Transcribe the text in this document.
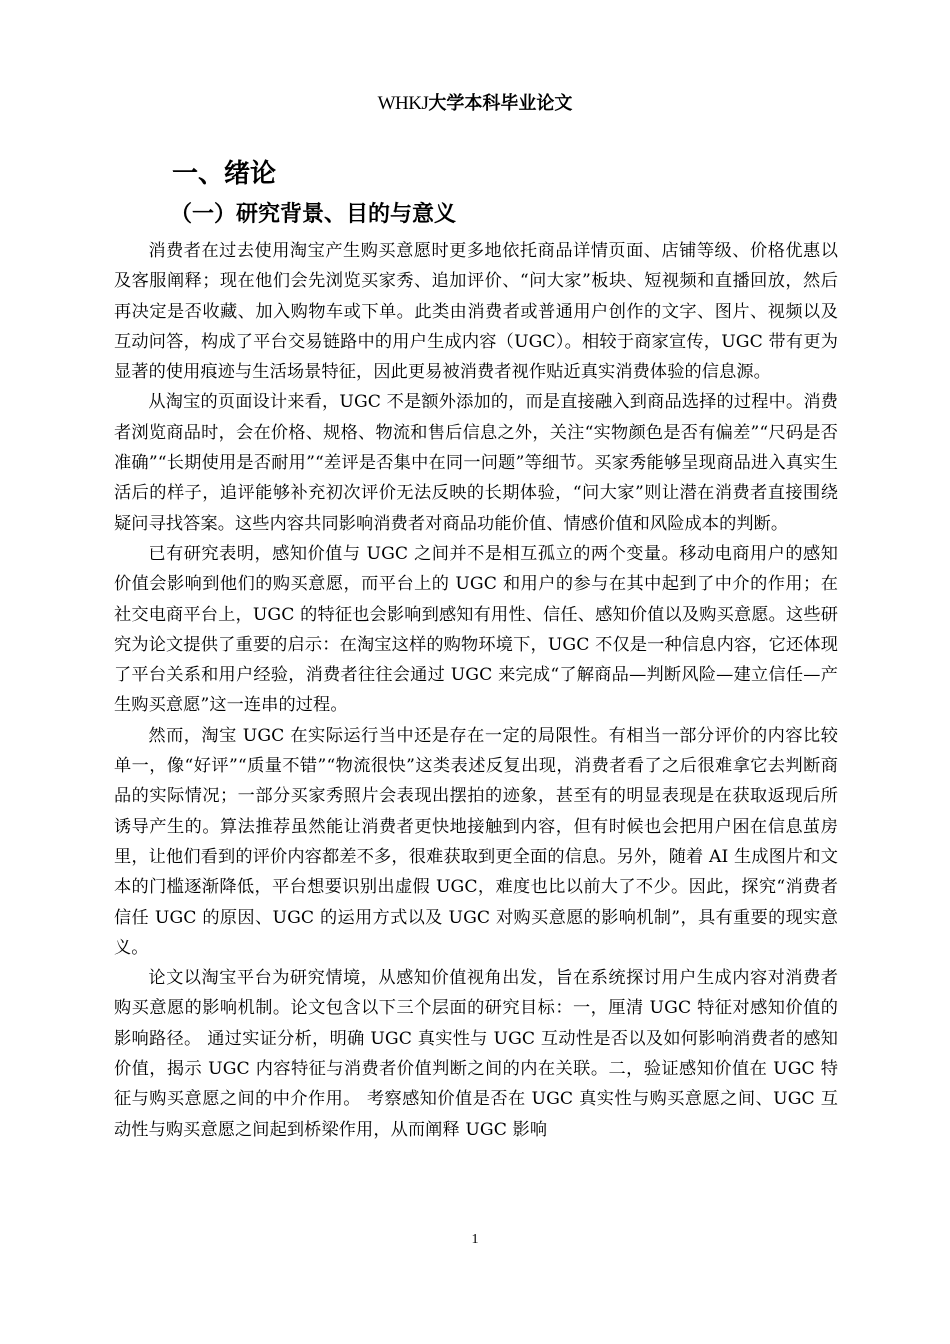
WHKJ大学本科毕业论文
一、绪论
（一）研究背景、目的与意义

消费者在过去使用淘宝产生购买意愿时更多地依托商品详情页面、店铺等级、价格优惠以及客服阐释；现在他们会先浏览买家秀、追加评价、“问大家”板块、短视频和直播回放，然后再决定是否收藏、加入购物车或下单。此类由消费者或普通用户创作的文字、图片、视频以及互动问答，构成了平台交易链路中的用户生成内容（UGC）。相较于商家宣传，UGC 带有更为显著的使用痕迹与生活场景特征，因此更易被消费者视作贴近真实消费体验的信息源。

从淘宝的页面设计来看，UGC 不是额外添加的，而是直接融入到商品选择的过程中。消费者浏览商品时，会在价格、规格、物流和售后信息之外，关注“实物颜色是否有偏差”“尺码是否准确”“长期使用是否耐用”“差评是否集中在同一问题”等细节。买家秀能够呈现商品进入真实生活后的样子，追评能够补充初次评价无法反映的长期体验，“问大家”则让潜在消费者直接围绕疑问寻找答案。这些内容共同影响消费者对商品功能价值、情感价值和风险成本的判断。

已有研究表明，感知价值与 UGC 之间并不是相互孤立的两个变量。移动电商用户的感知价值会影响到他们的购买意愿，而平台上的 UGC 和用户的参与在其中起到了中介的作用；在社交电商平台上，UGC 的特征也会影响到感知有用性、信任、感知价值以及购买意愿。这些研究为论文提供了重要的启示：在淘宝这样的购物环境下，UGC 不仅是一种信息内容，它还体现了平台关系和用户经验，消费者往往会通过 UGC 来完成“了解商品—判断风险—建立信任—产生购买意愿”这一连串的过程。

然而，淘宝 UGC 在实际运行当中还是存在一定的局限性。有相当一部分评价的内容比较单一，像“好评”“质量不错”“物流很快”这类表述反复出现，消费者看了之后很难拿它去判断商品的实际情况；一部分买家秀照片会表现出摆拍的迹象，甚至有的明显表现是在获取返现后所诱导产生的。算法推荐虽然能让消费者更快地接触到内容，但有时候也会把用户困在信息茧房里，让他们看到的评价内容都差不多，很难获取到更全面的信息。另外，随着 AI 生成图片和文本的门槛逐渐降低，平台想要识别出虚假 UGC，难度也比以前大了不少。因此，探究“消费者信任 UGC 的原因、UGC 的运用方式以及 UGC 对购买意愿的影响机制”，具有重要的现实意义。

论文以淘宝平台为研究情境，从感知价值视角出发，旨在系统探讨用户生成内容对消费者购买意愿的影响机制。论文包含以下三个层面的研究目标：一，厘清 UGC 特征对感知价值的影响路径。 通过实证分析，明确 UGC 真实性与 UGC 互动性是否以及如何影响消费者的感知价值，揭示 UGC 内容特征与消费者价值判断之间的内在关联。二，验证感知价值在 UGC 特征与购买意愿之间的中介作用。 考察感知价值是否在 UGC 真实性与购买意愿之间、UGC 互动性与购买意愿之间起到桥梁作用，从而阐释 UGC 影响

1
